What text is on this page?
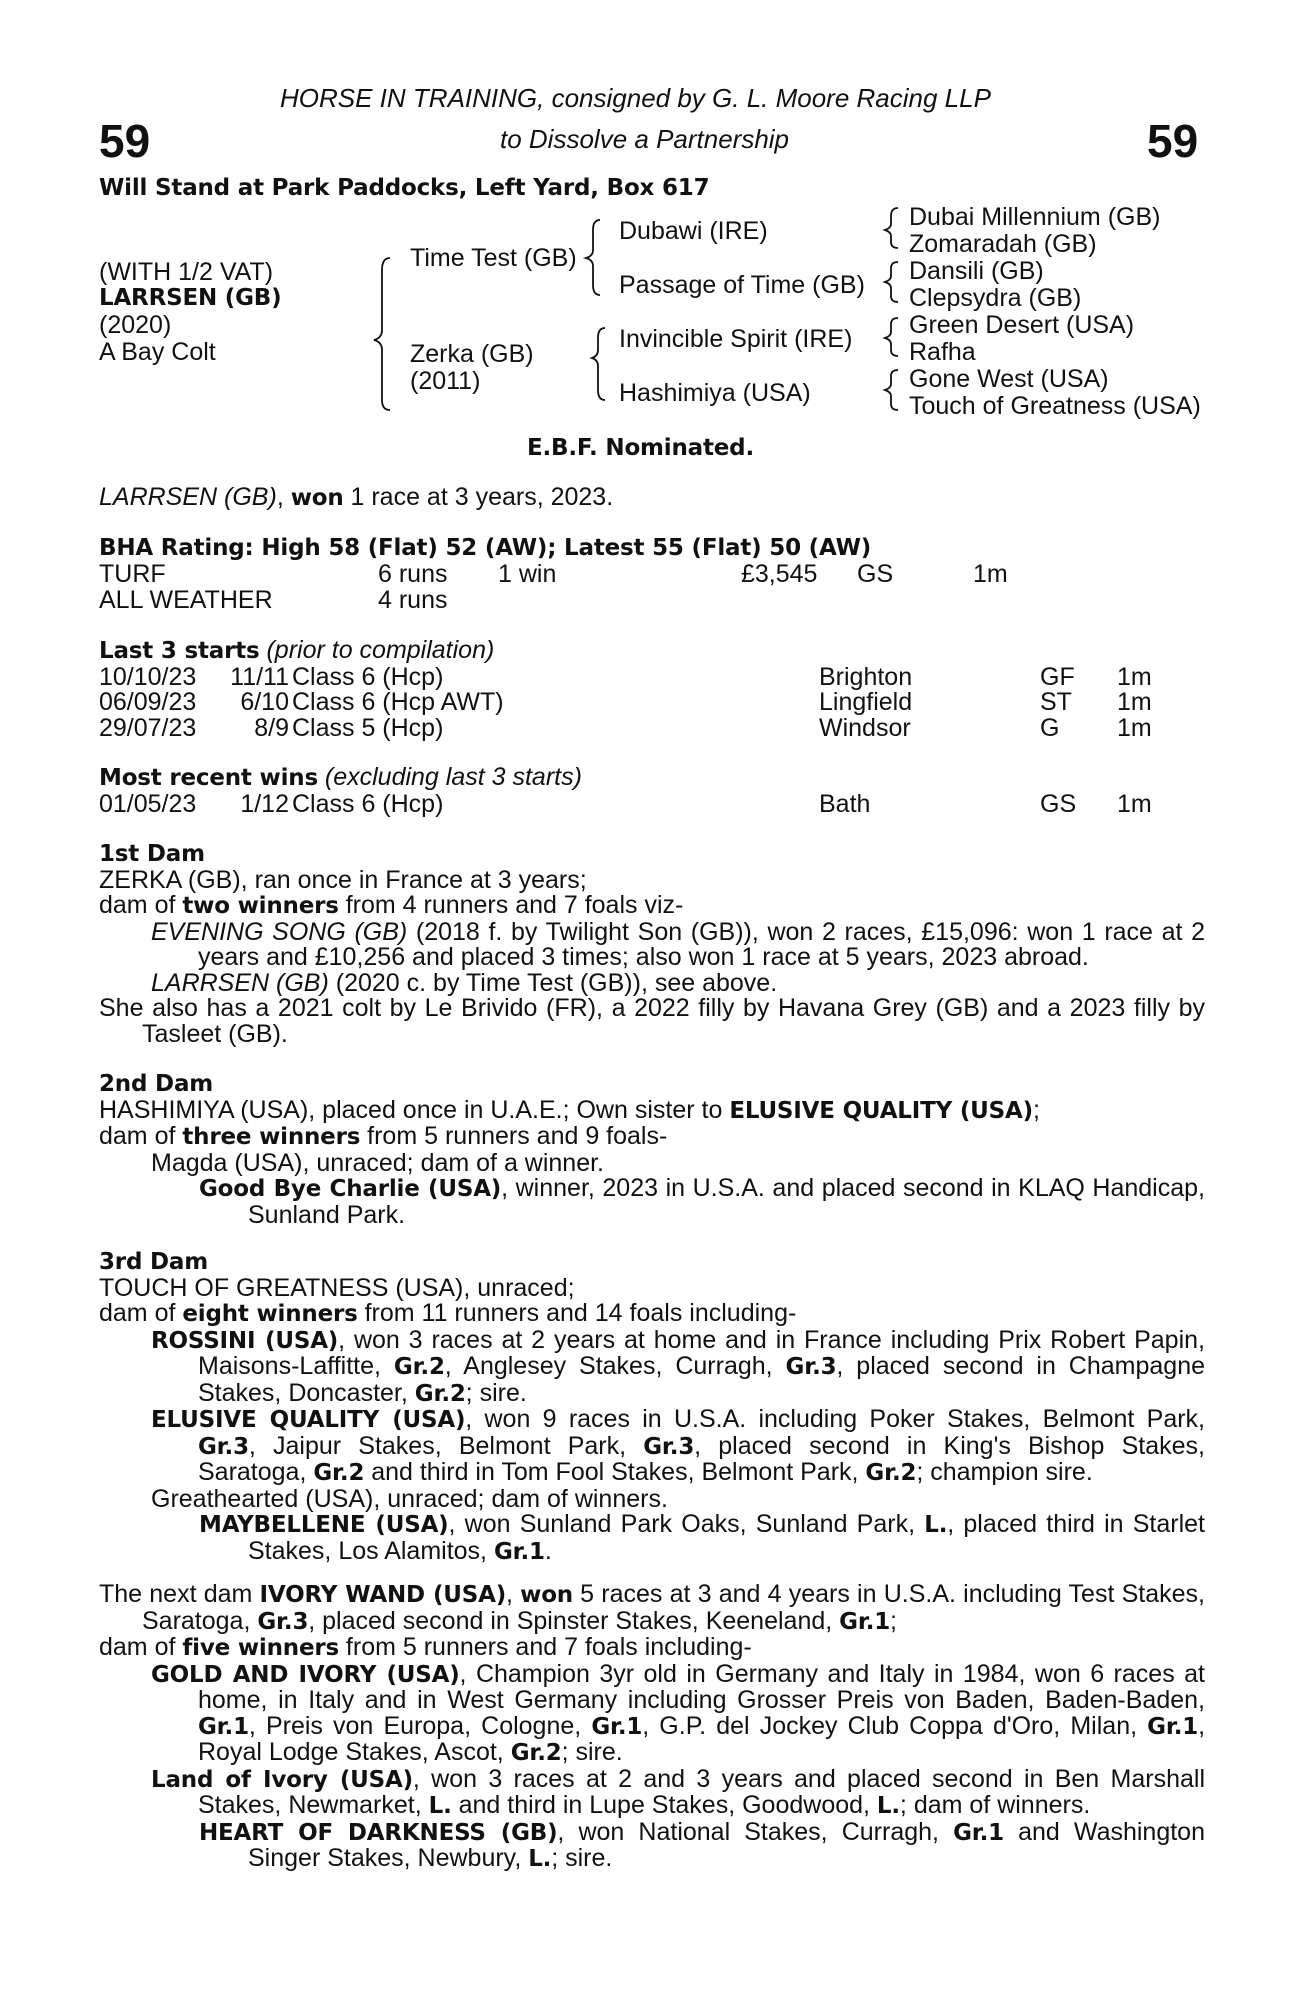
HORSE IN TRAINING, consigned by G. L. Moore Racing LLP
to Dissolve a Partnership
59	59
Will Stand at Park Paddocks, Left Yard, Box 617
(WITH 1/2 VAT)
LARRSEN (GB)
(2020)
A Bay Colt
Time Test (GB)
Zerka (GB)
(2011)
Dubawi (IRE)
Passage of Time (GB)
Invincible Spirit (IRE)
Hashimiya (USA)
Dubai Millennium (GB)
Zomaradah (GB)
Dansili (GB)
Clepsydra (GB)
Green Desert (USA)
Rafha
Gone West (USA)
Touch of Greatness (USA)
E.B.F. Nominated.
LARRSEN (GB), won 1 race at 3 years, 2023.
BHA Rating: High 58 (Flat) 52 (AW); Latest 55 (Flat) 50 (AW)
TURF	6 runs 1 win	£3,545 GS	1m
ALL WEATHER	4 runs
Last 3 starts (prior to compilation)
10/10/23	11/11 Class 6 (Hcp)	Brighton	GF 1m
06/09/23	6/10 Class 6 (Hcp AWT)	Lingfield	ST 1m
29/07/23	8/9 Class 5 (Hcp)	Windsor	G 1m
Most recent wins (excluding last 3 starts)
01/05/23	1/12 Class 6 (Hcp)	Bath	GS 1m
1st Dam
ZERKA (GB), ran once in France at 3 years;
dam of two winners from 4 runners and 7 foals viz-
EVENING SONG (GB) (2018 f. by Twilight Son (GB)), won 2 races, £15,096: won 1 race at 2 years and £10,256 and placed 3 times; also won 1 race at 5 years, 2023 abroad.
LARRSEN (GB) (2020 c. by Time Test (GB)), see above.
She also has a 2021 colt by Le Brivido (FR), a 2022 filly by Havana Grey (GB) and a 2023 filly by Tasleet (GB).
2nd Dam
HASHIMIYA (USA), placed once in U.A.E.; Own sister to ELUSIVE QUALITY (USA);
dam of three winners from 5 runners and 9 foals-
Magda (USA), unraced; dam of a winner.
Good Bye Charlie (USA), winner, 2023 in U.S.A. and placed second in KLAQ Handicap, Sunland Park.
3rd Dam
TOUCH OF GREATNESS (USA), unraced;
dam of eight winners from 11 runners and 14 foals including-
ROSSINI (USA), won 3 races at 2 years at home and in France including Prix Robert Papin, Maisons-Laffitte, Gr.2, Anglesey Stakes, Curragh, Gr.3, placed second in Champagne Stakes, Doncaster, Gr.2; sire.
ELUSIVE QUALITY (USA), won 9 races in U.S.A. including Poker Stakes, Belmont Park, Gr.3, Jaipur Stakes, Belmont Park, Gr.3, placed second in King's Bishop Stakes, Saratoga, Gr.2 and third in Tom Fool Stakes, Belmont Park, Gr.2; champion sire.
Greathearted (USA), unraced; dam of winners.
MAYBELLENE (USA), won Sunland Park Oaks, Sunland Park, L., placed third in Starlet Stakes, Los Alamitos, Gr.1.
The next dam IVORY WAND (USA), won 5 races at 3 and 4 years in U.S.A. including Test Stakes, Saratoga, Gr.3, placed second in Spinster Stakes, Keeneland, Gr.1;
dam of five winners from 5 runners and 7 foals including-
GOLD AND IVORY (USA), Champion 3yr old in Germany and Italy in 1984, won 6 races at home, in Italy and in West Germany including Grosser Preis von Baden, Baden-Baden, Gr.1, Preis von Europa, Cologne, Gr.1, G.P. del Jockey Club Coppa d'Oro, Milan, Gr.1, Royal Lodge Stakes, Ascot, Gr.2; sire.
Land of Ivory (USA), won 3 races at 2 and 3 years and placed second in Ben Marshall Stakes, Newmarket, L. and third in Lupe Stakes, Goodwood, L.; dam of winners.
HEART OF DARKNESS (GB), won National Stakes, Curragh, Gr.1 and Washington Singer Stakes, Newbury, L.; sire.
